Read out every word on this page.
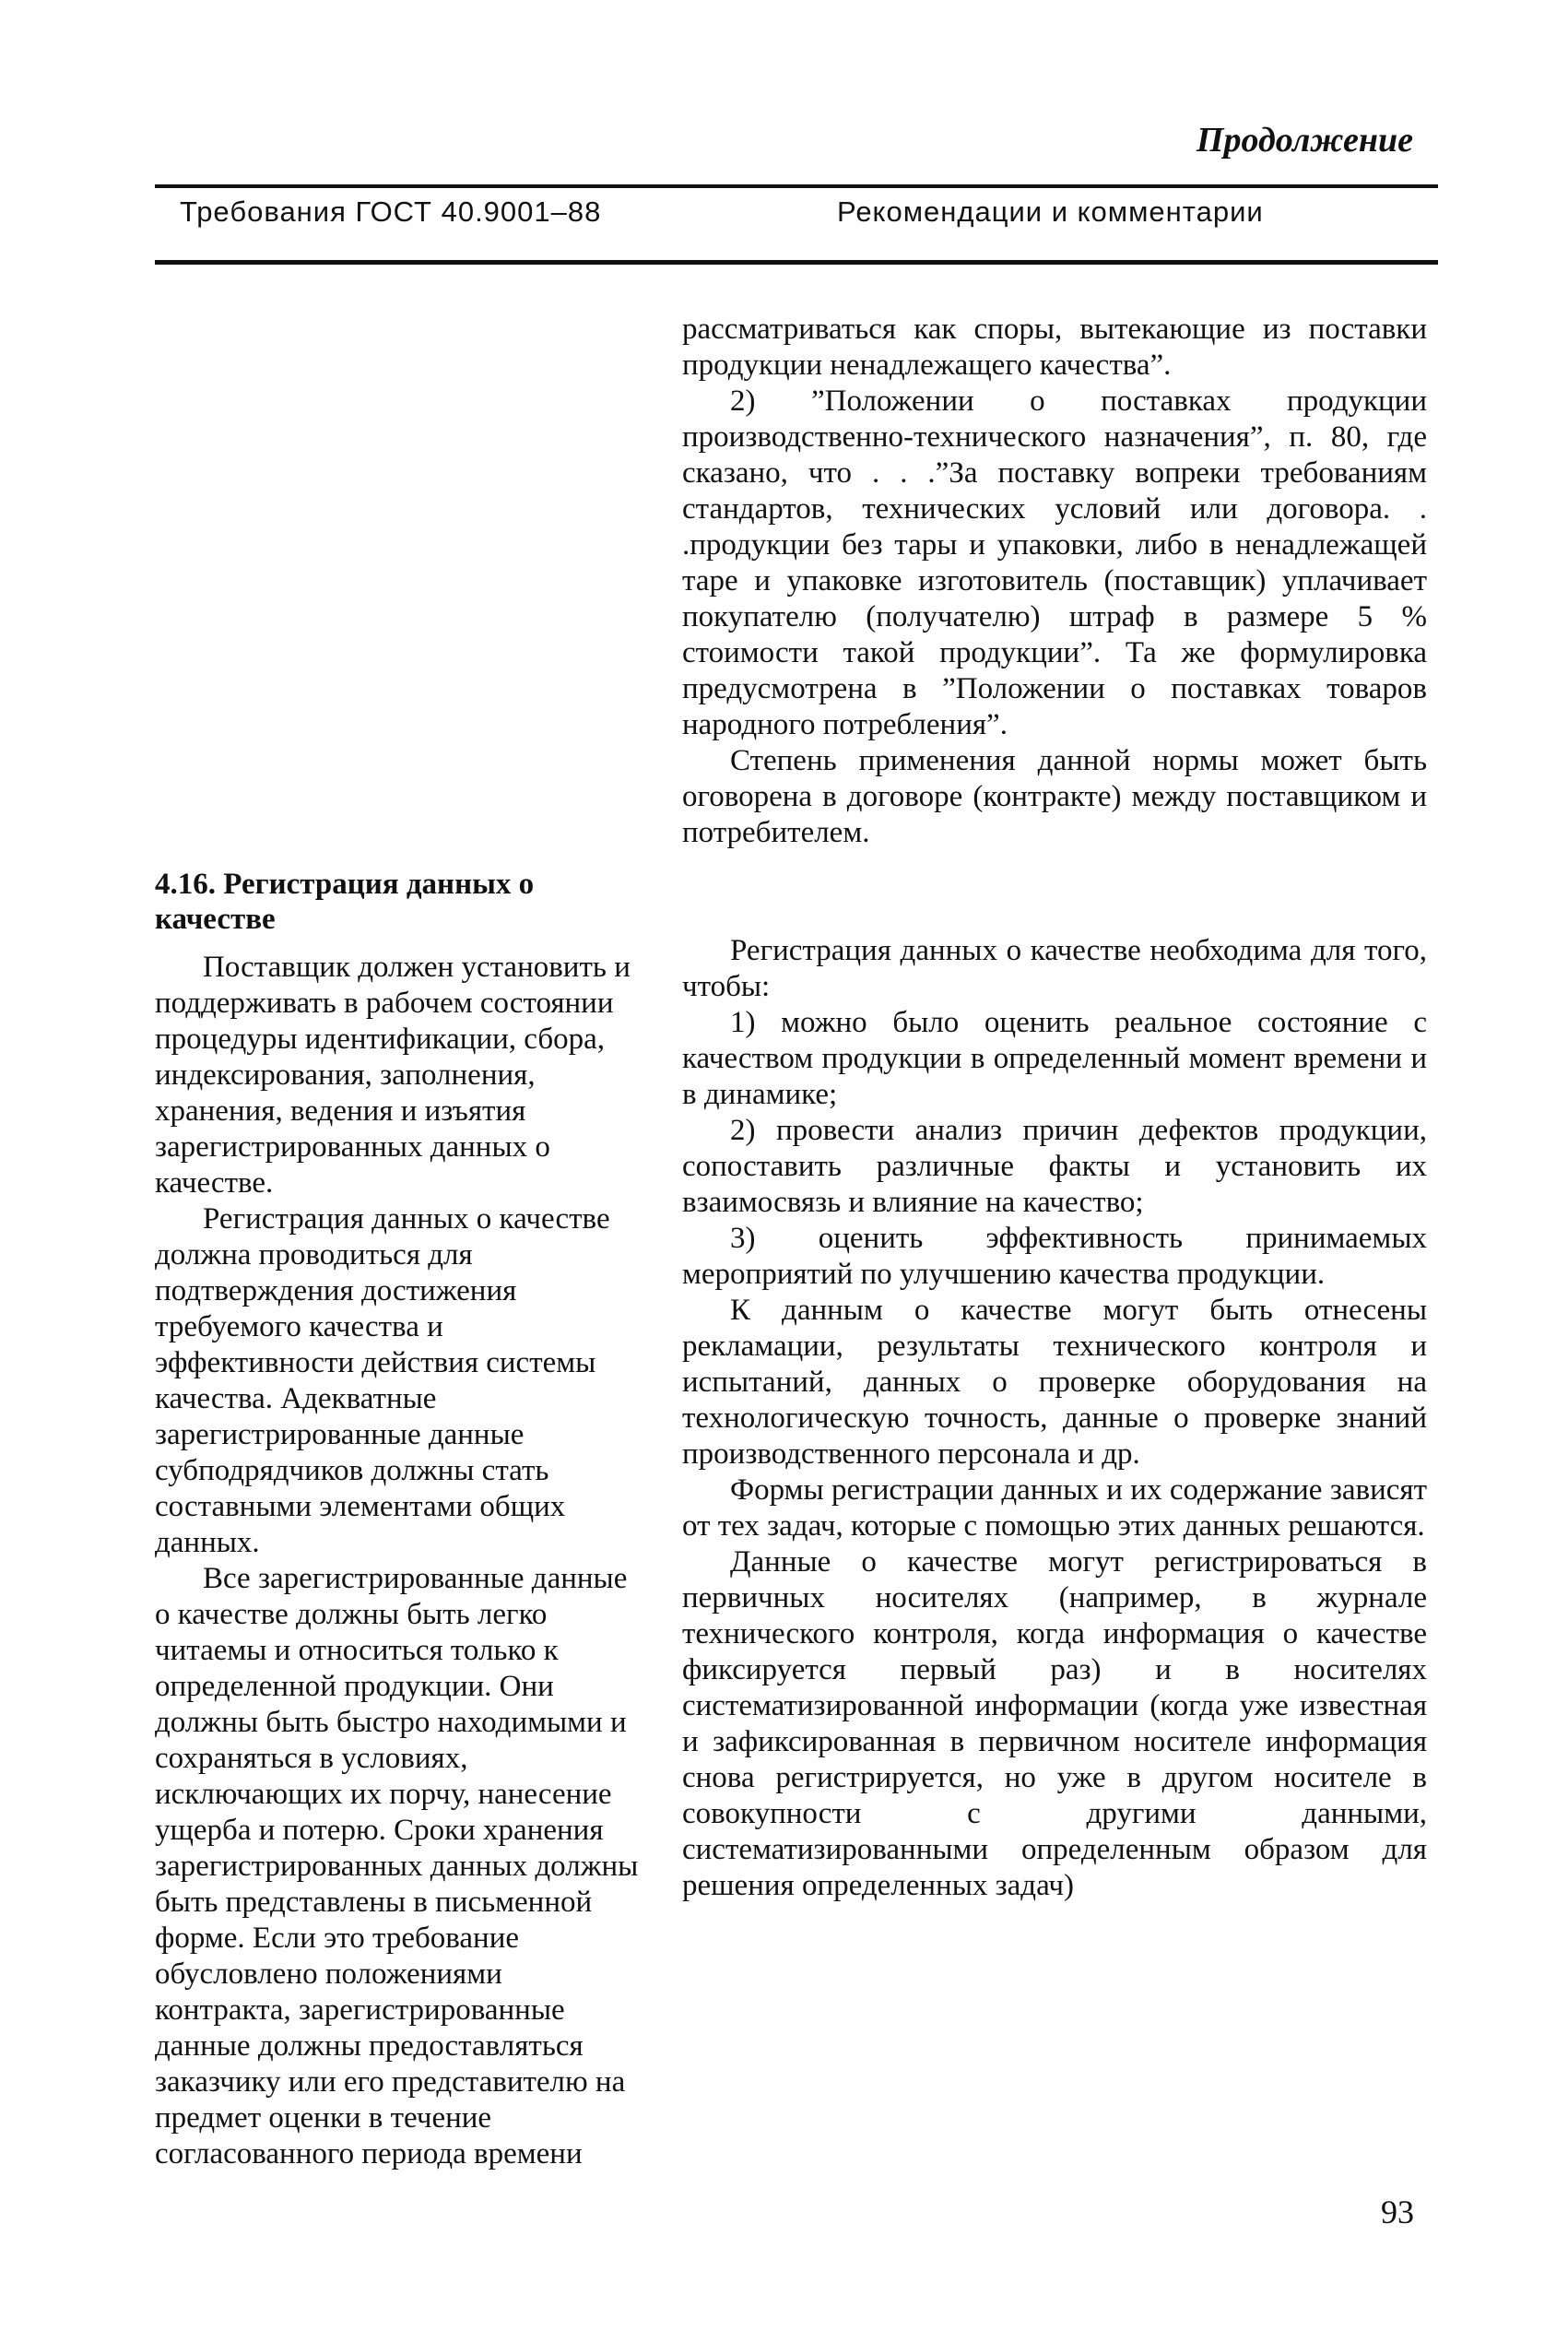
Продолжение
Требования ГОСТ 40.9001–88	Рекомендации и комментарии

рассматриваться как споры, вытекающие из поставки продукции ненадлежащего качества”.

2) ”Положении о поставках продукции производственно-технического назначения”, п. 80, где сказано, что . . .”За поставку вопреки требованиям стандартов, технических условий или договора. . .продукции без тары и упаковки, либо в ненадлежащей таре и упаковке изготовитель (поставщик) уплачивает покупателю (получателю) штраф в размере 5 % стоимости такой продукции”. Та же формулировка предусмотрена в ”Положении о поставках товаров народного потребления”.

Степень применения данной нормы может быть оговорена в договоре (контракте) между поставщиком и потребителем.

4.16. Регистрация данных о качестве

Поставщик должен установить и поддерживать в рабочем состоянии процедуры идентификации, сбора, индексирования, заполнения, хранения, ведения и изъятия зарегистрированных данных о качестве.

Регистрация данных о качестве должна проводиться для подтверждения достижения требуемого качества и эффективности действия системы качества. Адекватные зарегистрированные данные субподрядчиков должны стать составными элементами общих данных.

Все зарегистрированные данные о качестве должны быть легко читаемы и относиться только к определенной продукции. Они должны быть быстро находимыми и сохраняться в условиях, исключающих их порчу, нанесение ущерба и потерю. Сроки хранения зарегистрированных данных должны быть представлены в письменной форме. Если это требование обусловлено положениями контракта, зарегистрированные данные должны предоставляться заказчику или его представителю на предмет оценки в течение согласованного периода времени

Регистрация данных о качестве необходима для того, чтобы:

1) можно было оценить реальное состояние с качеством продукции в определенный момент времени и в динамике;

2) провести анализ причин дефектов продукции, сопоставить различные факты и установить их взаимосвязь и влияние на качество;

3) оценить эффективность принимаемых мероприятий по улучшению качества продукции.

К данным о качестве могут быть отнесены рекламации, результаты технического контроля и испытаний, данных о проверке оборудования на технологическую точность, данные о проверке знаний производственного персонала и др.

Формы регистрации данных и их содержание зависят от тех задач, которые с помощью этих данных решаются.

Данные о качестве могут регистрироваться в первичных носителях (например, в журнале технического контроля, когда информация о качестве фиксируется первый раз) и в носителях систематизированной информации (когда уже известная и зафиксированная в первичном носителе информация снова регистрируется, но уже в другом носителе в совокупности с другими данными, систематизированными определенным образом для решения определенных задач)

93
